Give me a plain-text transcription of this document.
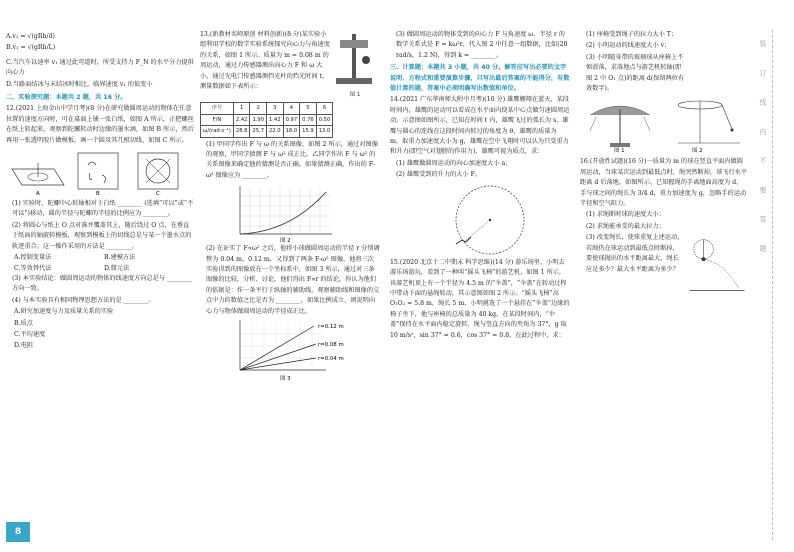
A.v₁ = √(gRh/d)

B.v₁ = √(gRh/L)

C.当汽车以速率 v₁ 通过此弯道时，所受支持力 F_N 的水平分力提供向心力

D.当路面结冰与未结冰时相比，临界速度 v₁ 的值变小

二、实验探究题：本题共 2 题，共 16 分。

12.(2021 上海金山中学月考)(8 分)在研究做圆周运动的物体在任意位置的速度方向时，可在桌面上铺一张白纸，如图 A 所示，正把螺丝在纸上转起来，观察到陀螺转动时边缘的墨水滴，如图 B 所示，然后再用一张透明胶片做模板，画一个圆及其几根切线，如图 C 所示。

A	B	C

(1) 实验时，陀螺中心转轴相对于白纸 ________ (选填“可以”或“不可以”)移动，圆的半径与陀螺的半径的比例应为 ________。

(2) 将圆心与纸上 O 点对准并覆盖其上，随后绕过 O 点，在垂直于纸面的轴旋转模板，观察到模板上的切线总是与某一个墨水点的轨迹重合。这一操作采用的方法是 ________。

A.控制变量法	B.建模方法
C.等效替代法	D.微元法

(3) 本实验结论：做圆周运动的物体的线速度方向总是与 ________ 方向一致。

(4) 与本实验具有相同物理思想方法的是 ________。

A.研究加速度与力及质量关系的实验

B.质点

C.平均速度

D.电阻

13.(新教材名师原创 材料创新)(8 分)某实验小组利用学校的数学实验系统探究向心力与角速度的关系，如图 1 所示。质量为 m = 0.08 m 的周运动，通过力传感器测出向心力 F 和 ω 大小，通过光电门传感器测挡光杆的挡光时间 t，测量数据如下表所示：

图 1
序号	1	2	3	4	5	6
F/N	2.42	1.90	1.42	0.97	0.76	0.50
ω/(rad·s⁻¹)	28.8	25.7	22.0	18.0	15.9	13.0

(1) 甲同学作出 F 与 ω 的关系图像，如图 2 所示，通过对图像的观察，甲同学猜测 F 与 ω² 成正比。乙同学作出 F 与 ω² 的关系图像来确定他的猜测是否正确，如果猜测正确，作出的 F-ω² 图像应为 ________。

图 2

(2) 在证实了 F∝ω² 之后，他将小球做圆周运动的半径 r 分别调整为 0.04 m、0.12 m，又得到了两条 F-ω² 图像，他将三次实验得到的图像放在一个坐标系中，如图 3 所示，通过对三条图像的比较，分析、讨论，他们得出 F∝r 的结论，你认为他们的依据是：作一条平行于纵轴的辅助线，观察辅助线和图像的交点中力的数值之比是否为 ________，如果比例成立，则说明向心力与物体做圆周运动的半径成正比。

r=0.12 m
r=0.08 m
r=0.04 m
图 3

(3) 做圆周运动的物体受到的向心力 F 与角速度 ω、半径 r 的数学关系式是 F = kω²r，代入图 2 中任意一组数据，比如(20 rad/s，1.2 N)，得到 k = ________。

三、计算题：本题共 3 小题，共 40 分。解答应写出必要的文字说明、方程式和重要演算步骤，只写出最后答案的不能得分，有数值计算的题，答案中必须明确写出数值和单位。

14.(2021 广东华南师大附中月考)(10 分) 雄鹰翱翔在蓝天，某段时间内，雄鹰的运动可以看成在水平面内绕某中心点做匀速圆周运动，示意图如图所示，已知在时间 t 内，雄鹰飞过的弧长为 s，雄鹰与圆心的连线在这段时间内转过的角度为 θ，雄鹰的质量为 m，取重力加速度大小为 g，雄鹰在空中飞翔时可以认为只受重力和升力(即空气对翅膀的作用力)，雄鹰可视为质点，求：

(1) 雄鹰做圆周运动的向心加速度大小 a；

(2) 雄鹰受到的升力的大小 F。

15.(2020 北京十二中期末 科学思维)(14 分) 游乐场里，小明去游乐场游玩，看到了一种叫“摇头飞椅”的游艺机，如图 1 所示，该游艺机顶上有一个半径为 4.5 m 的“伞盖”，“伞盖”在转动过程中带动下面的悬绳转动，其示意图如图 2 所示。“摇头飞椅”高 O₁O₂ = 5.8 m，绳长 5 m，小明挑选了一个悬挂在“伞盖”边缘的椅子坐下，他与座椅的总质量为 40 kg。在某段时间内，“伞盖”保持在水平面内稳定旋转，绳与竖直方向的夹角为 37°，g 取 10 m/s²，sin 37° = 0.6，cos 37° = 0.8，在此过程中，求：

(1) 座椅受到绳子的拉力大小 T；

(2) 小明运动的线速度大小 v；

(3) 小明随身带的玻璃球从座椅上不慎滑落，求落地点与游艺机转轴(即图 2 中 O₁ 点)的距离 d(保留两位有效数字)。

图 1	图 2

16.(开放性试题)(16 分)一质量为 m 的球在竖直平面内做圆周运动，当球某次运动到最低点时，绳突然断掉，球飞行水平距离 d 后落地，如图所示。已知握绳的手离地面高度为 d，手与球之间的绳长为 3/4 d，重力加速度为 g，忽略手的运动半径和空气阻力。

(1) 求绳断时球的速度大小；

(2) 求绳能承受的最大拉力；

(3) 改变绳长，使球重复上述运动，若绳仍在球运动到最低点时断掉，要使球抛出的水平距离最大，绳长应是多少？最大水平距离为多少？

装 订 线 内 不 要 答 题
8
